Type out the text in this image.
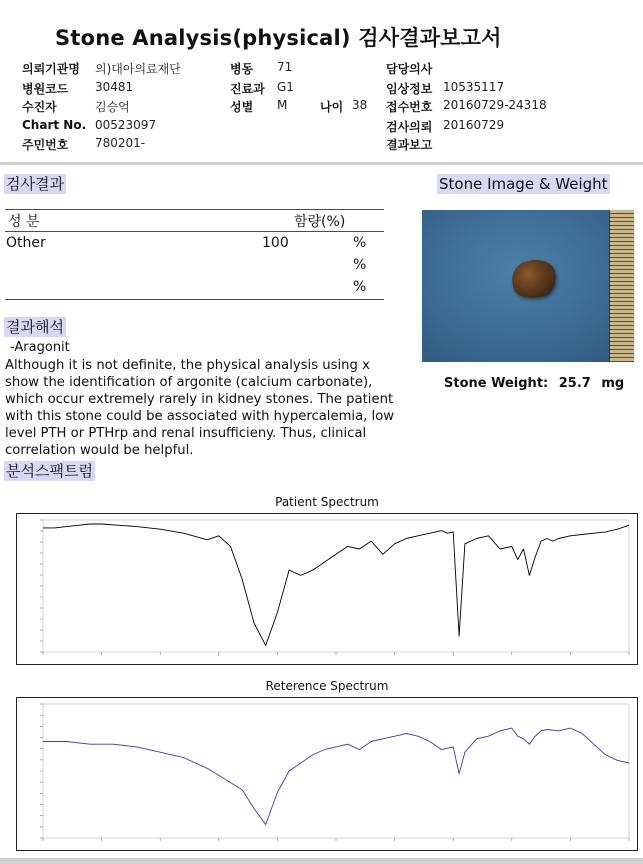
Stone Analysis(physical) 검사결과보고서
의뢰기관명 의)대아의료재단
병원코드 30481
수진자	김승억
Chart No. 00523097
주민번호 780201-
병동 71
진료과 G1
성별 M	나이 38
담당의사
임상정보 10535117
접수번호 20160729-24318
검사의뢰 20160729
결과보고
검사결과
성 분	함량(%)
Other	100	%
%
%
Stone Image & Weight
Stone Weight: 25.7 mg
결과해석
-Aragonit
Although it is not definite, the physical analysis using x show the identification of argonite (calcium carbonate), which occur extremely rarely in kidney stones. The patient with this stone could be associated with hypercalemia, low level PTH or PTHrp and renal insufficieny. Thus, clinical correlation would be helpful.
분석스팩트럼
Patient Spectrum
Reterence Spectrum
